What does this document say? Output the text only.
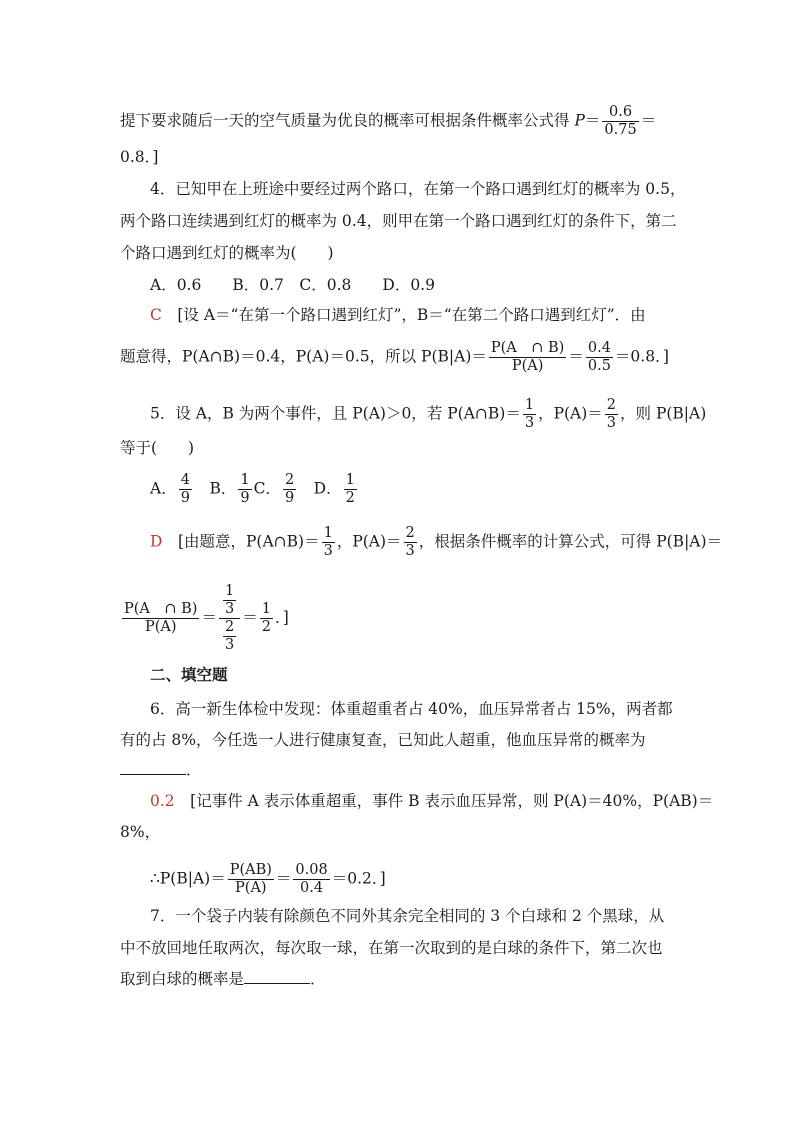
提下要求随后一天的空气质量为优良的概率可根据条件概率公式得 $P= \frac{0.6}{0.75}$ ＝
0.8．]
4．已知甲在上班途中要经过两个路口，在第一个路口遇到红灯的概率为 0.5，
两个路口连续遇到红灯的概率为 0.4，则甲在第一个路口遇到红灯的条件下，第二
个路口遇到红灯的概率为(　　)
A．0.6　　B．0.7　C．0.8　　D．0.9
C　[设 A＝“在第一个路口遇到红灯”，B＝“在第二个路口遇到红灯”．由
题意得，P(A∩B)＝0.4，P(A)＝0.5，所以 $P(B|A)= \frac{P(A \cap B)}{P(A)} = \frac{0.4}{0.5} =0.8$．]
5．设 A，B 为两个事件，且 P(A)＞0，若 P(A∩B)＝ $\frac{1}{3}$ ，$P(A)= \frac{2}{3}$ ，则 P(B|A)
等于(　　)
A． $\frac{4}{9}$ 　B． $\frac{1}{9}$ C． $\frac{2}{9}$ 　D． $\frac{1}{2}$
D　[由题意，P(A∩B)＝ $\frac{1}{3}$ ，$P(A)= \frac{2}{3}$ ，根据条件概率的计算公式，可得 P(B|A)＝
$\frac{P(A \cap B)}{P(A)} = \frac{\frac{1}{3}}{\frac{2}{3}} = \frac{1}{2}$ ．]
二、填空题
6．高一新生体检中发现：体重超重者占 40%，血压异常者占 15%，两者都
有的占 8%，今任选一人进行健康复查，已知此人超重，他血压异常的概率为
．
0.2　[记事件 A 表示体重超重，事件 B 表示血压异常，则 P(A)＝40%，P(AB)＝
8%，
∴P(B|A)＝ $\frac{P(AB)}{P(A)} = \frac{0.08}{0.4} =0.2$．]
7．一个袋子内装有除颜色不同外其余完全相同的 3 个白球和 2 个黑球，从
中不放回地任取两次，每次取一球，在第一次取到的是白球的条件下，第二次也
取到白球的概率是	．
